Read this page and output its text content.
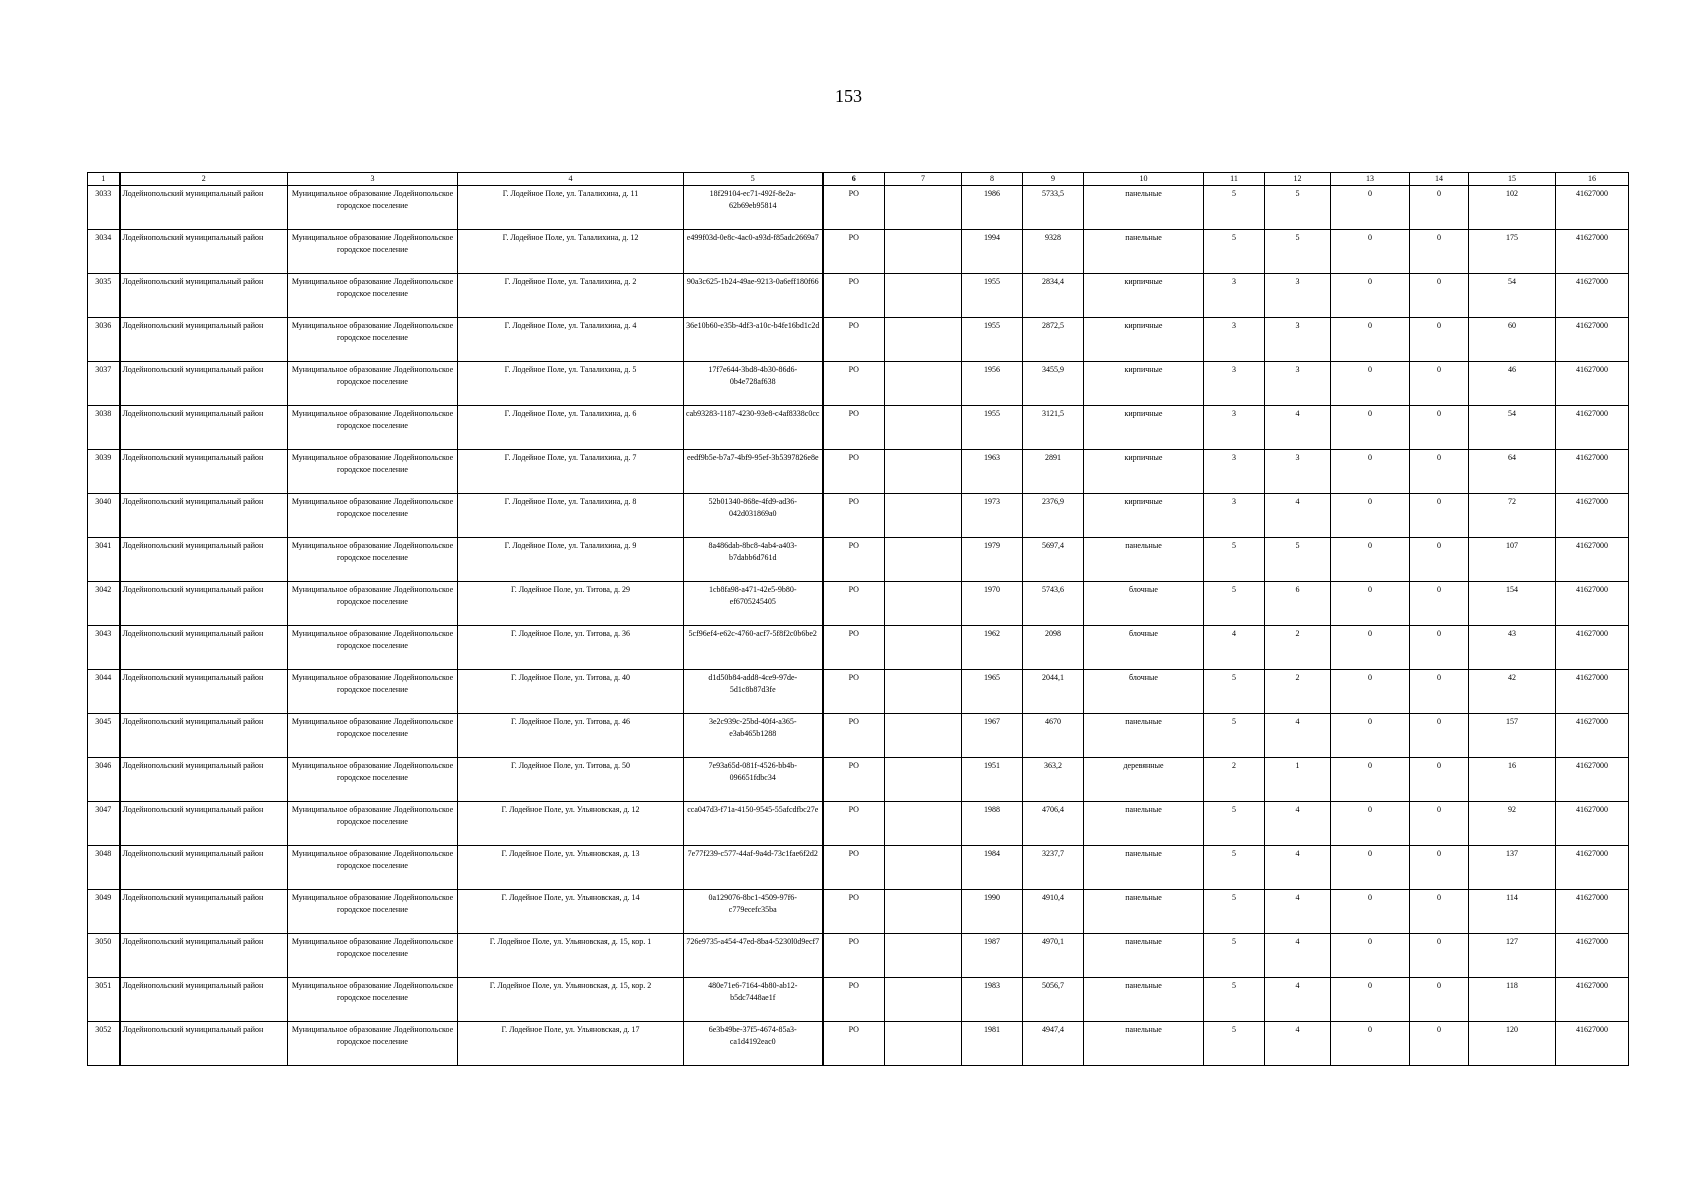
153
1	2	3	4	5	6	7	8	9	10	11	12	13	14	15	16
3033	Лодейнопольский муниципальный район	Муниципальное образование Лодейнопольское городское поселение	Г. Лодейное Поле, ул. Талалихина, д. 11	18f29104-ec71-492f-8e2a-62b69eb95814	РО		1986	5733,5	панельные	5	5	0	0	102	41627000
3034	Лодейнопольский муниципальный район	Муниципальное образование Лодейнопольское городское поселение	Г. Лодейное Поле, ул. Талалихина, д. 12	e499f03d-0e8c-4ac0-a93d-f85adc2669a7	РО		1994	9328	панельные	5	5	0	0	175	41627000
3035	Лодейнопольский муниципальный район	Муниципальное образование Лодейнопольское городское поселение	Г. Лодейное Поле, ул. Талалихина, д. 2	90a3c625-1b24-49ae-9213-0a6eff180f66	РО		1955	2834,4	кирпичные	3	3	0	0	54	41627000
3036	Лодейнопольский муниципальный район	Муниципальное образование Лодейнопольское городское поселение	Г. Лодейное Поле, ул. Талалихина, д. 4	36e10b60-e35b-4df3-a10c-b4fe16bd1c2d	РО		1955	2872,5	кирпичные	3	3	0	0	60	41627000
3037	Лодейнопольский муниципальный район	Муниципальное образование Лодейнопольское городское поселение	Г. Лодейное Поле, ул. Талалихина, д. 5	17f7e644-3bd8-4b30-86d6-0b4e728af638	РО		1956	3455,9	кирпичные	3	3	0	0	46	41627000
3038	Лодейнопольский муниципальный район	Муниципальное образование Лодейнопольское городское поселение	Г. Лодейное Поле, ул. Талалихина, д. 6	cab93283-1187-4230-93e8-c4af8338c0cc	РО		1955	3121,5	кирпичные	3	4	0	0	54	41627000
3039	Лодейнопольский муниципальный район	Муниципальное образование Лодейнопольское городское поселение	Г. Лодейное Поле, ул. Талалихина, д. 7	eedf9b5e-b7a7-4bf9-95ef-3b5397826e8e	РО		1963	2891	кирпичные	3	3	0	0	64	41627000
3040	Лодейнопольский муниципальный район	Муниципальное образование Лодейнопольское городское поселение	Г. Лодейное Поле, ул. Талалихина, д. 8	52b01340-868e-4fd9-ad36-042d031869a0	РО		1973	2376,9	кирпичные	3	4	0	0	72	41627000
3041	Лодейнопольский муниципальный район	Муниципальное образование Лодейнопольское городское поселение	Г. Лодейное Поле, ул. Талалихина, д. 9	8a486dab-8bc8-4ab4-a403-b7dabb6d761d	РО		1979	5697,4	панельные	5	5	0	0	107	41627000
3042	Лодейнопольский муниципальный район	Муниципальное образование Лодейнопольское городское поселение	Г. Лодейное Поле, ул. Титова, д. 29	1cb8fa98-a471-42e5-9b80-ef6705245405	РО		1970	5743,6	блочные	5	6	0	0	154	41627000
3043	Лодейнопольский муниципальный район	Муниципальное образование Лодейнопольское городское поселение	Г. Лодейное Поле, ул. Титова, д. 36	5cf96ef4-e62c-4760-acf7-5f8f2c0b6be2	РО		1962	2098	блочные	4	2	0	0	43	41627000
3044	Лодейнопольский муниципальный район	Муниципальное образование Лодейнопольское городское поселение	Г. Лодейное Поле, ул. Титова, д. 40	d1d50b84-add8-4ce9-97de-5d1c8b87d3fe	РО		1965	2044,1	блочные	5	2	0	0	42	41627000
3045	Лодейнопольский муниципальный район	Муниципальное образование Лодейнопольское городское поселение	Г. Лодейное Поле, ул. Титова, д. 46	3e2c939c-25bd-40f4-a365-e3ab465b1288	РО		1967	4670	панельные	5	4	0	0	157	41627000
3046	Лодейнопольский муниципальный район	Муниципальное образование Лодейнопольское городское поселение	Г. Лодейное Поле, ул. Титова, д. 50	7e93a65d-081f-4526-bb4b-096651fdbc34	РО		1951	363,2	деревянные	2	1	0	0	16	41627000
3047	Лодейнопольский муниципальный район	Муниципальное образование Лодейнопольское городское поселение	Г. Лодейное Поле, ул. Ульяновская, д. 12	cca047d3-f71a-4150-9545-55afcdfbc27e	РО		1988	4706,4	панельные	5	4	0	0	92	41627000
3048	Лодейнопольский муниципальный район	Муниципальное образование Лодейнопольское городское поселение	Г. Лодейное Поле, ул. Ульяновская, д. 13	7e77f239-c577-44af-9a4d-73c1fae6f2d2	РО		1984	3237,7	панельные	5	4	0	0	137	41627000
3049	Лодейнопольский муниципальный район	Муниципальное образование Лодейнопольское городское поселение	Г. Лодейное Поле, ул. Ульяновская, д. 14	0a129076-8bc1-4509-97f6-c779ecefc35ba	РО		1990	4910,4	панельные	5	4	0	0	114	41627000
3050	Лодейнопольский муниципальный район	Муниципальное образование Лодейнопольское городское поселение	Г. Лодейное Поле, ул. Ульяновская, д. 15, кор. 1	726e9735-a454-47ed-8ba4-5230l0d9ecf7	РО		1987	4970,1	панельные	5	4	0	0	127	41627000
3051	Лодейнопольский муниципальный район	Муниципальное образование Лодейнопольское городское поселение	Г. Лодейное Поле, ул. Ульяновская, д. 15, кор. 2	480e71e6-7164-4b80-ab12-b5dc7448ae1f	РО		1983	5056,7	панельные	5	4	0	0	118	41627000
3052	Лодейнопольский муниципальный район	Муниципальное образование Лодейнопольское городское поселение	Г. Лодейное Поле, ул. Ульяновская, д. 17	6e3b49be-37f5-4674-85a3-ca1d4192eac0	РО		1981	4947,4	панельные	5	4	0	0	120	41627000
